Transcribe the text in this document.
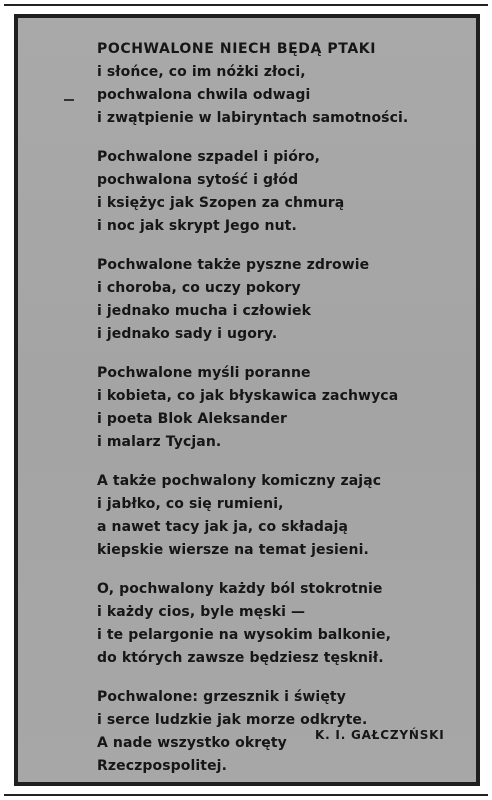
POCHWALONE NIECH BĘDĄ PTAKI
i słońce, co im nóżki złoci,
pochwalona chwila odwagi
i zwątpienie w labiryntach samotności.
Pochwalone szpadel i pióro,
pochwalona sytość i głód
i księżyc jak Szopen za chmurą
i noc jak skrypt Jego nut.
Pochwalone także pyszne zdrowie
i choroba, co uczy pokory
i jednako mucha i człowiek
i jednako sady i ugory.
Pochwalone myśli poranne
i kobieta, co jak błyskawica zachwyca
i poeta Blok Aleksander
i malarz Tycjan.
A także pochwalony komiczny zając
i jabłko, co się rumieni,
a nawet tacy jak ja, co składają
kiepskie wiersze na temat jesieni.
O, pochwalony każdy ból stokrotnie
i każdy cios, byle męski —
i te pelargonie na wysokim balkonie,
do których zawsze będziesz tęsknił.
Pochwalone: grzesznik i święty
i serce ludzkie jak morze odkryte.
A nade wszystko okręty
Rzeczpospolitej.
K. I. GAŁCZYŃSKI
